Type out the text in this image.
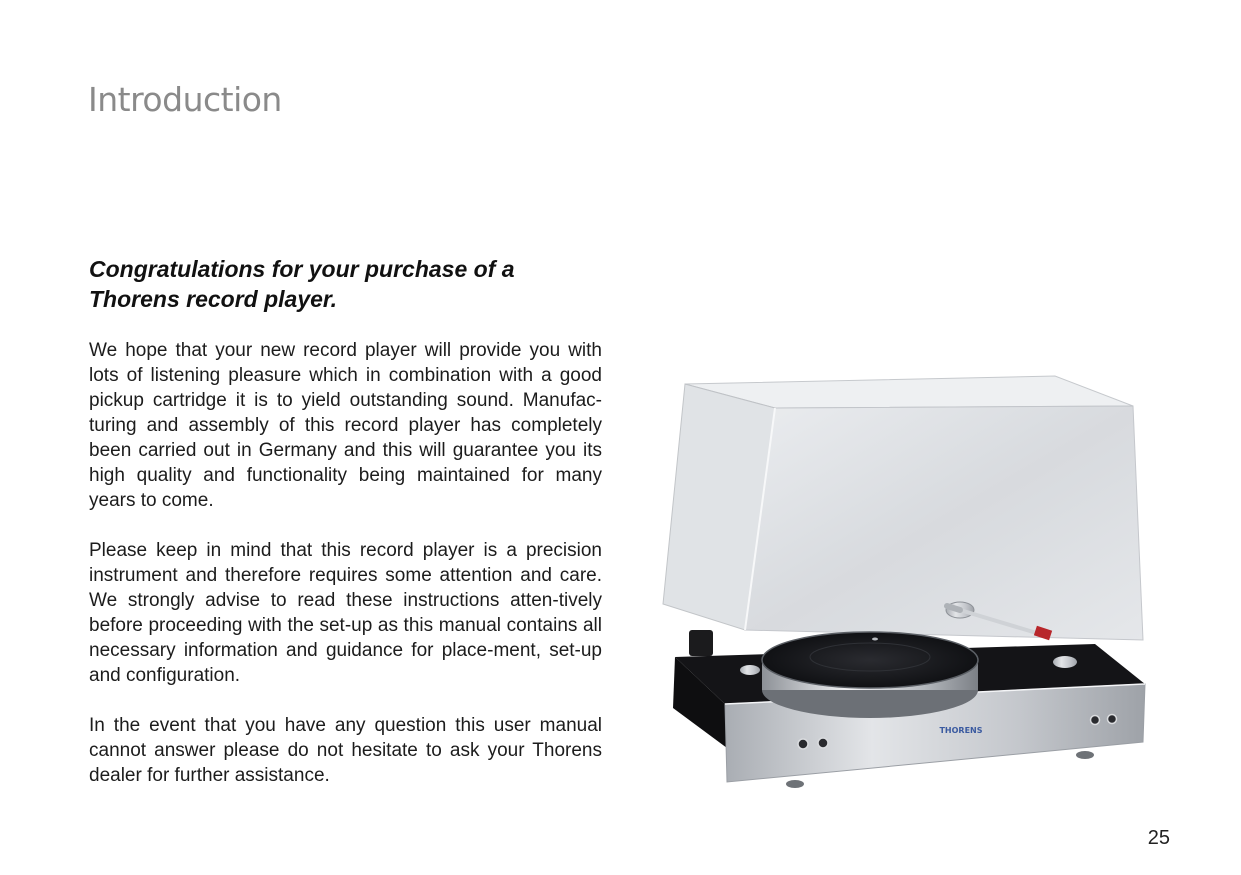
Introduction
Congratulations for your purchase of a
Thorens record player.

We hope that your new record player will provide you with lots of listening pleasure which in combination with a good pickup cartridge it is to yield outstanding sound. Manufac-turing and assembly of this record player has completely been carried out in Germany and this will guarantee you its high quality and functionality being maintained for many years to come.

Please keep in mind that this record player is a precision instrument and therefore requires some attention and care. We strongly advise to read these instructions atten-tively before proceeding with the set-up as this manual contains all necessary information and guidance for place-ment, set-up and configuration.

In the event that you have any question this user manual cannot answer please do not hesitate to ask your Thorens dealer for further assistance.

THORENS
25
